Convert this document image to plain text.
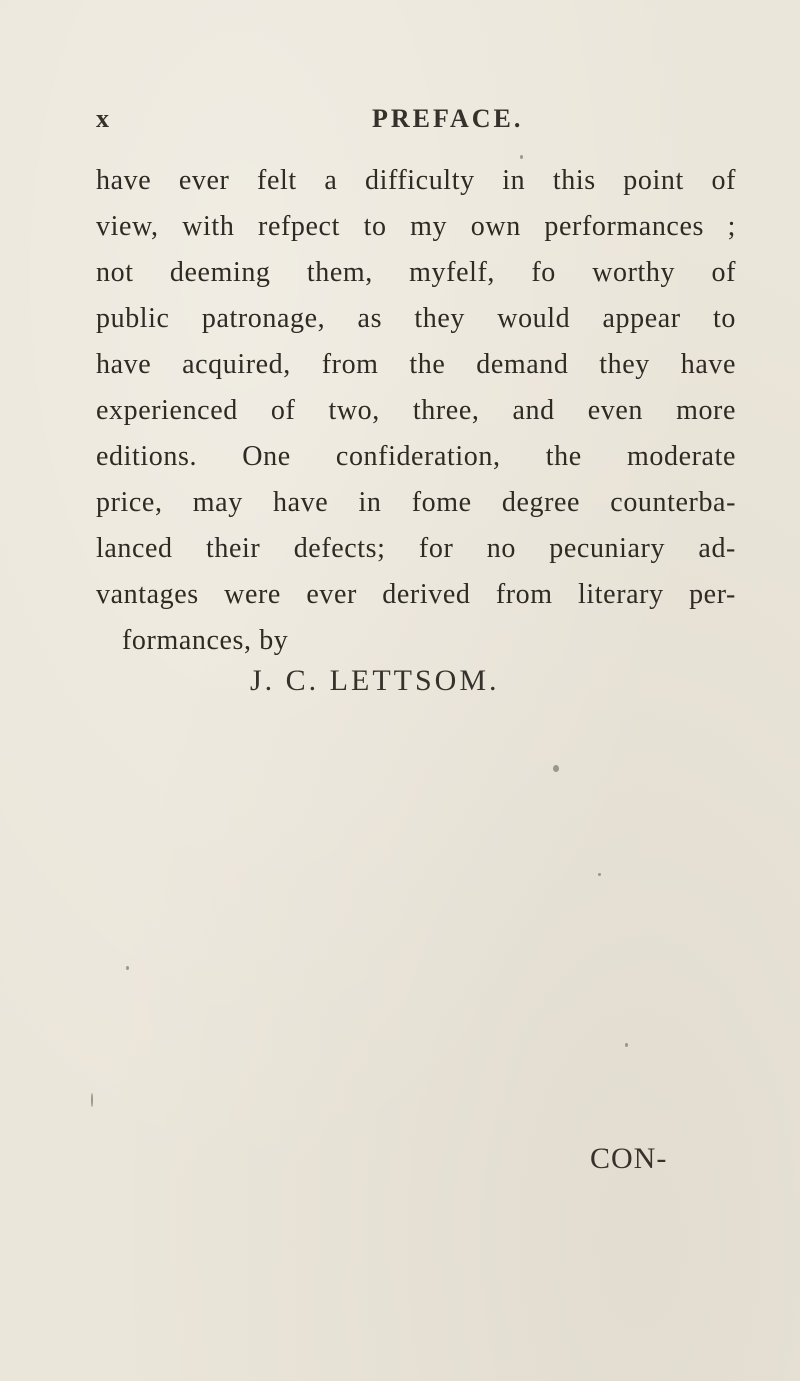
x	PREFACE.
have ever felt a difficulty in this point of
view, with refpect to my own performances ;
not deeming them, myfelf, fo worthy of
public patronage, as they would appear to
have acquired, from the demand they have
experienced of two, three, and even more
editions. One confideration, the moderate
price, may have in fome degree counterba-
lanced their defects; for no pecuniary ad-
vantages were ever derived from literary per-
formances, by
J. C. LETTSOM.
CON-
